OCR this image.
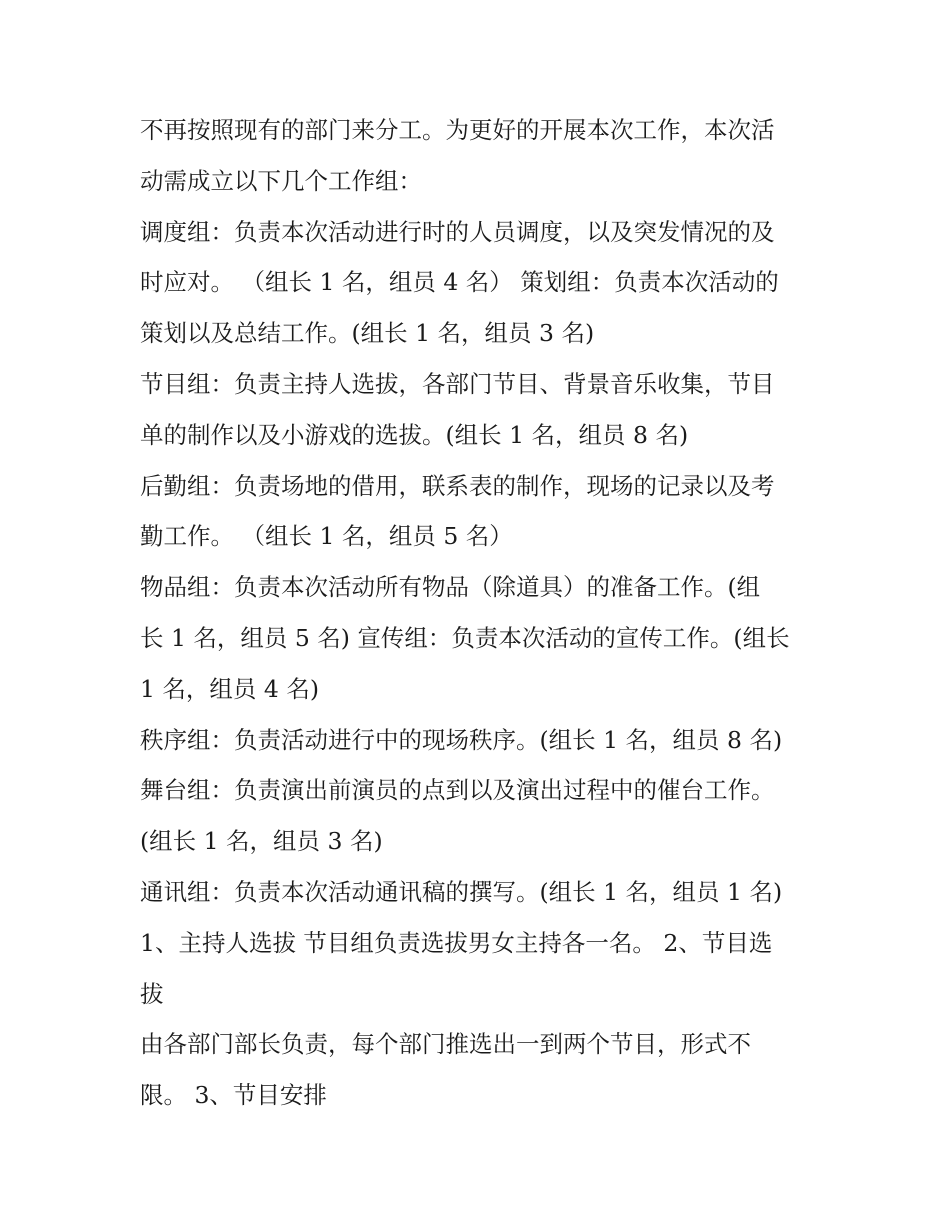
不再按照现有的部门来分工。为更好的开展本次工作，本次活

动需成立以下几个工作组：

调度组：负责本次活动进行时的人员调度，以及突发情况的及

时应对。 （组长 1 名，组员 4 名） 策划组：负责本次活动的

策划以及总结工作。(组长 1 名，组员 3 名)

节目组：负责主持人选拔，各部门节目、背景音乐收集，节目

单的制作以及小游戏的选拔。(组长 1 名，组员 8 名)

后勤组：负责场地的借用，联系表的制作，现场的记录以及考

勤工作。 （组长 1 名，组员 5 名）

物品组：负责本次活动所有物品（除道具）的准备工作。(组

长 1 名，组员 5 名) 宣传组：负责本次活动的宣传工作。(组长

1 名，组员 4 名)

秩序组：负责活动进行中的现场秩序。(组长 1 名，组员 8 名)

舞台组：负责演出前演员的点到以及演出过程中的催台工作。

(组长 1 名，组员 3 名)

通讯组：负责本次活动通讯稿的撰写。(组长 1 名，组员 1 名)

1、主持人选拔 节目组负责选拔男女主持各一名。 2、节目选

拔

由各部门部长负责，每个部门推选出一到两个节目，形式不

限。 3、节目安排
